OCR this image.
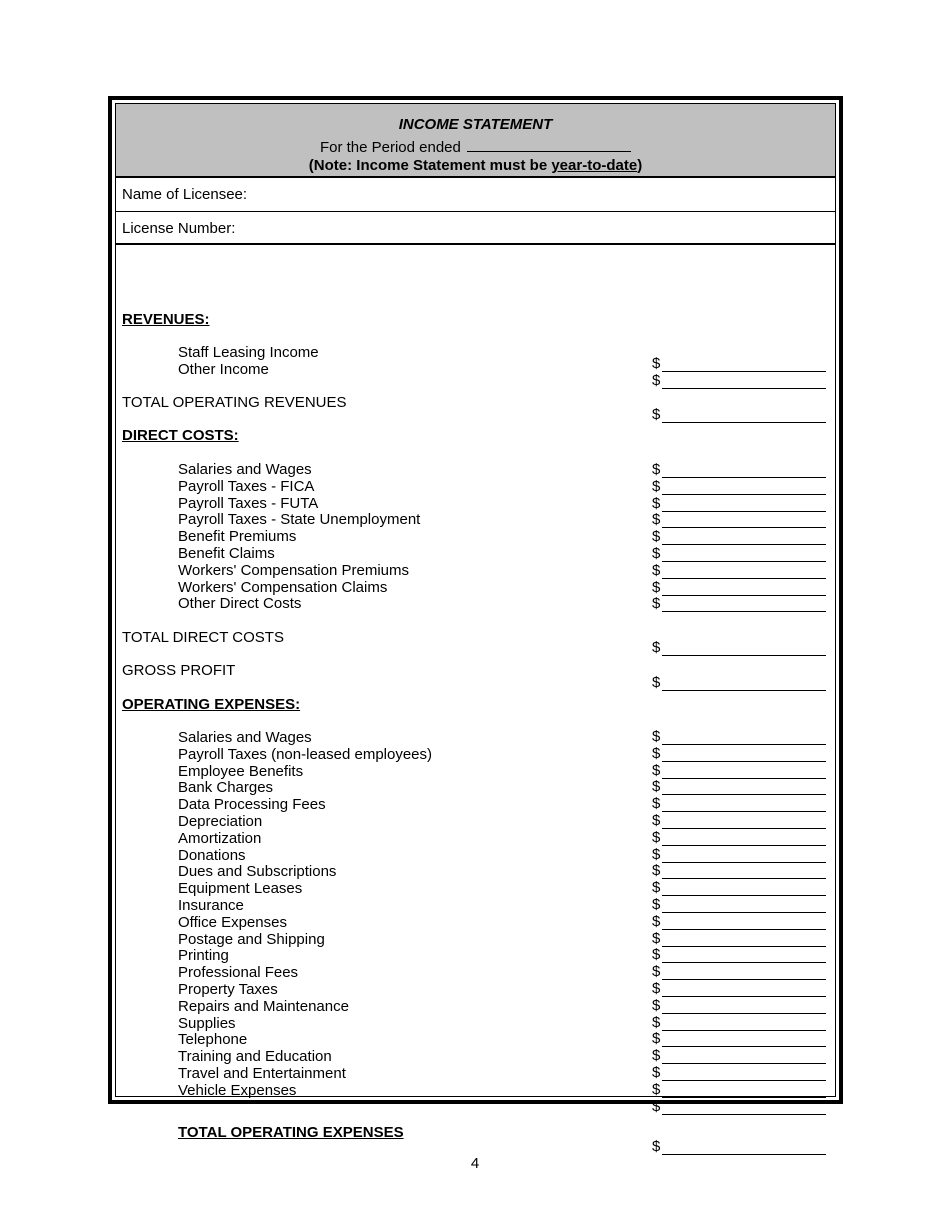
INCOME STATEMENT
For the Period ended
(Note: Income Statement must be year-to-date)
Name of Licensee:
License Number:
REVENUES:
Staff Leasing Income
$
Other Income
$
TOTAL OPERATING REVENUES
$
DIRECT COSTS:
Salaries and Wages
Payroll Taxes - FICA
Payroll Taxes - FUTA
Payroll Taxes - State Unemployment
Benefit Premiums
Benefit Claims
Workers' Compensation Premiums
Workers' Compensation Claims
Other Direct Costs
$
$
$
$
$
$
$
$
$
TOTAL DIRECT COSTS
$
GROSS PROFIT
$
OPERATING EXPENSES:
Salaries and Wages
Payroll Taxes (non-leased employees)
Employee Benefits
Bank Charges
Data Processing Fees
Depreciation
Amortization
Donations
Dues and Subscriptions
Equipment Leases
Insurance
Office Expenses
Postage and Shipping
Printing
Professional Fees
Property Taxes
Repairs and Maintenance
Supplies
Telephone
Training and Education
Travel and Entertainment
Vehicle Expenses
$
$
$
$
$
$
$
$
$
$
$
$
$
$
$
$
$
$
$
$
$
$
$
TOTAL OPERATING EXPENSES
$
4
